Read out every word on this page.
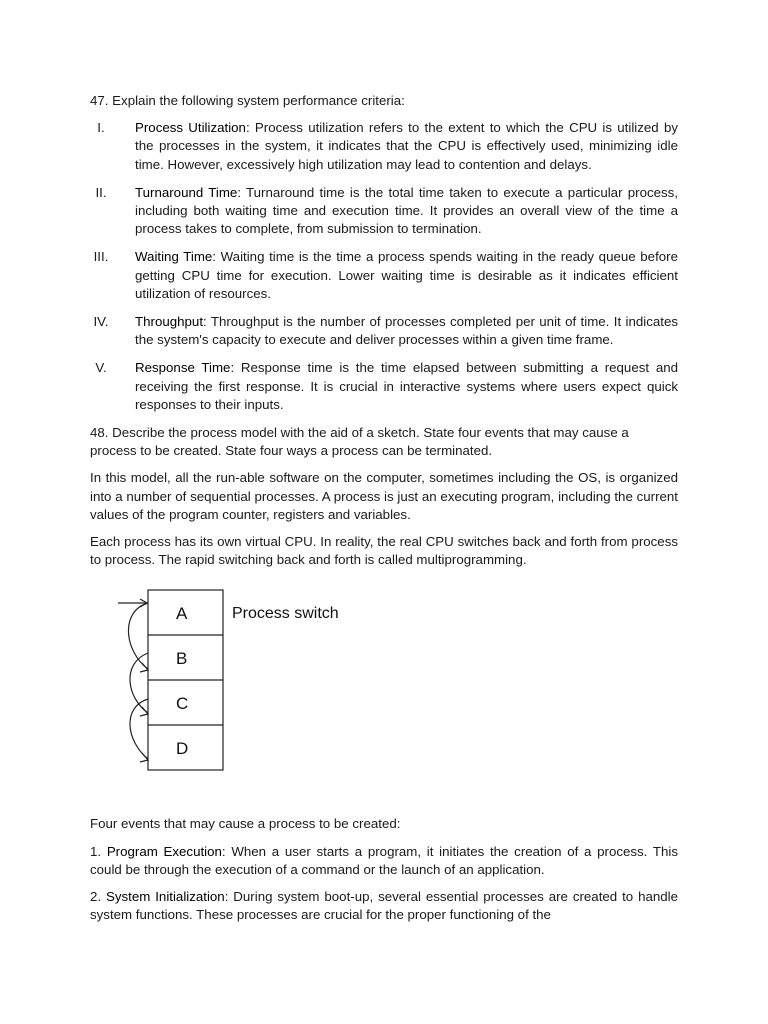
47. Explain the following system performance criteria:

I.	Process Utilization: Process utilization refers to the extent to which the CPU is utilized by the processes in the system, it indicates that the CPU is effectively used, minimizing idle time. However, excessively high utilization may lead to contention and delays.
II.	Turnaround Time: Turnaround time is the total time taken to execute a particular process, including both waiting time and execution time. It provides an overall view of the time a process takes to complete, from submission to termination.
III. Waiting Time: Waiting time is the time a process spends waiting in the ready queue before getting CPU time for execution. Lower waiting time is desirable as it indicates efficient utilization of resources.
IV. Throughput: Throughput is the number of processes completed per unit of time. It indicates the system's capacity to execute and deliver processes within a given time frame.
V.	Response Time: Response time is the time elapsed between submitting a request and receiving the first response. It is crucial in interactive systems where users expect quick responses to their inputs.

48. Describe the process model with the aid of a sketch. State four events that may cause a process to be created. State four ways a process can be terminated.

In this model, all the run-able software on the computer, sometimes including the OS, is organized into a number of sequential processes. A process is just an executing program, including the current values of the program counter, registers and variables.

Each process has its own virtual CPU. In reality, the real CPU switches back and forth from process to process. The rapid switching back and forth is called multiprogramming.

A
B
C
D
Process switch

Four events that may cause a process to be created:

1. Program Execution: When a user starts a program, it initiates the creation of a process. This could be through the execution of a command or the launch of an application.

2. System Initialization: During system boot-up, several essential processes are created to handle system functions. These processes are crucial for the proper functioning of the
